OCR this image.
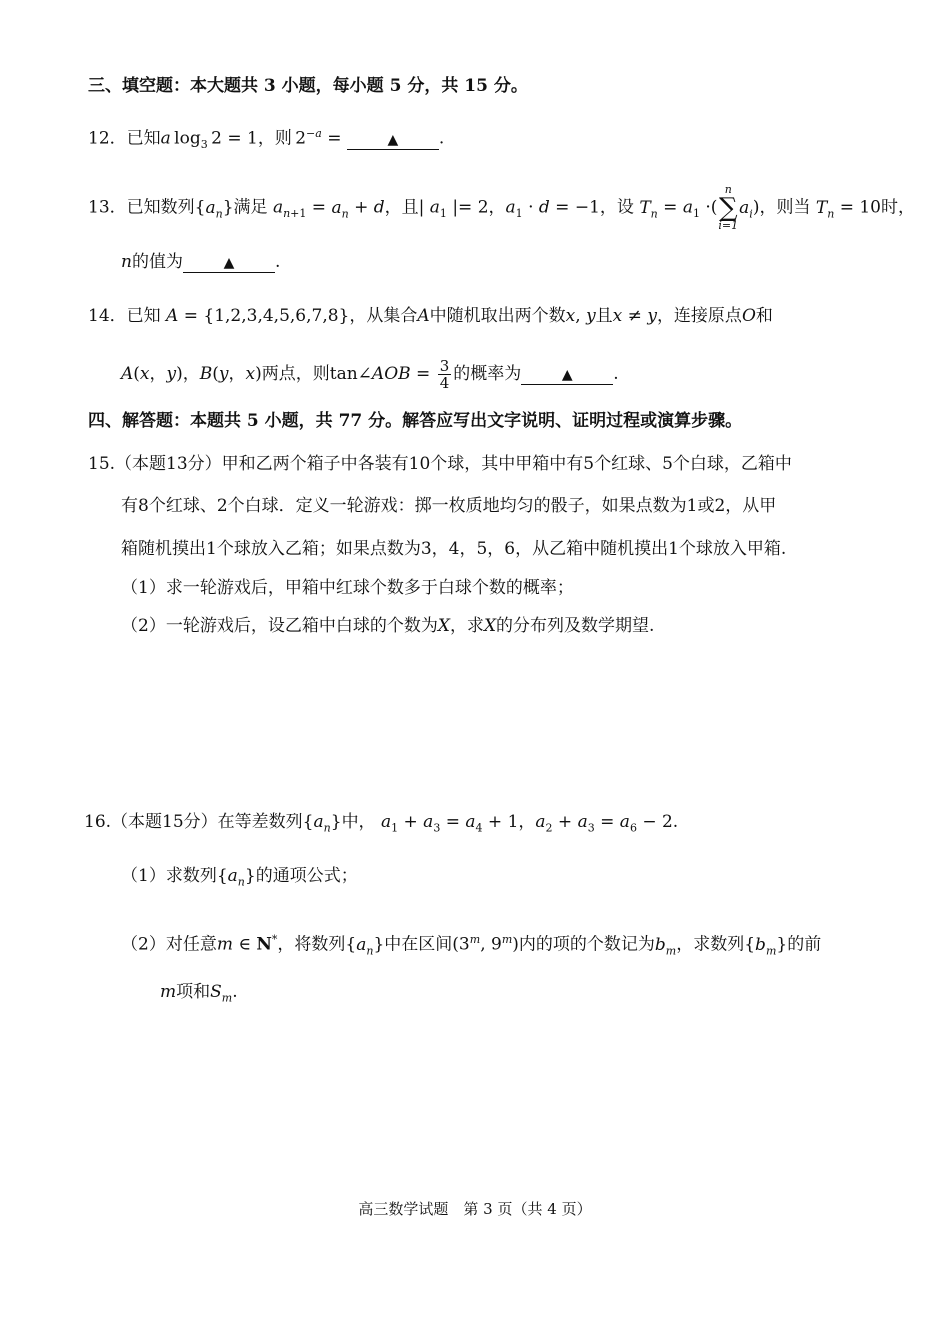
三、填空题：本大题共 3 小题，每小题 5 分，共 15 分。
12．已知a $\log_3 2 = 1$，则 $2^{-a}$ =	▲ .
13．已知数列$\{a_n\}$满足 $a_{n+1} = a_n + d$，且| $a_1$ |= 2，$a_1 \cdot d = -1$，设 $T_n = a_1$ ·(
n
∑
i=1
$a_i$)，则当 $T_n = 10$时，
n的值为	▲ .
14．已知 A = {1,2,3,4,5,6,7,8}，从集合A中随机取出两个数x, y且x ≠ y，连接原点O和
A(x，y)，B(y，x)两点，则tan∠AOB = $\frac{3}{4}$ 的概率为	▲ .
四、解答题：本题共 5 小题，共 77 分。解答应写出文字说明、证明过程或演算步骤。
15.（本题13分）甲和乙两个箱子中各装有10个球，其中甲箱中有5个红球、5个白球，乙箱中
有8个红球、2个白球．定义一轮游戏：掷一枚质地均匀的骰子，如果点数为1或2，从甲
箱随机摸出1个球放入乙箱；如果点数为3，4，5，6，从乙箱中随机摸出1个球放入甲箱.
（1）求一轮游戏后，甲箱中红球个数多于白球个数的概率；
（2）一轮游戏后，设乙箱中白球的个数为X，求X的分布列及数学期望.
16.（本题15分）在等差数列$\{a_n\}$中， $a_1 + a_3 = a_4 + 1$，$a_2 + a_3 = a_6 - 2$.
（1）求数列$\{a_n\}$的通项公式；
（2）对任意m ∈ N*，将数列$\{a_n\}$中在区间(3$^m$, 9$^m$)内的项的个数记为$b_m$，求数列$\{b_m\}$的前
m项和$S_m$.
高三数学试题　第 3 页（共 4 页）
